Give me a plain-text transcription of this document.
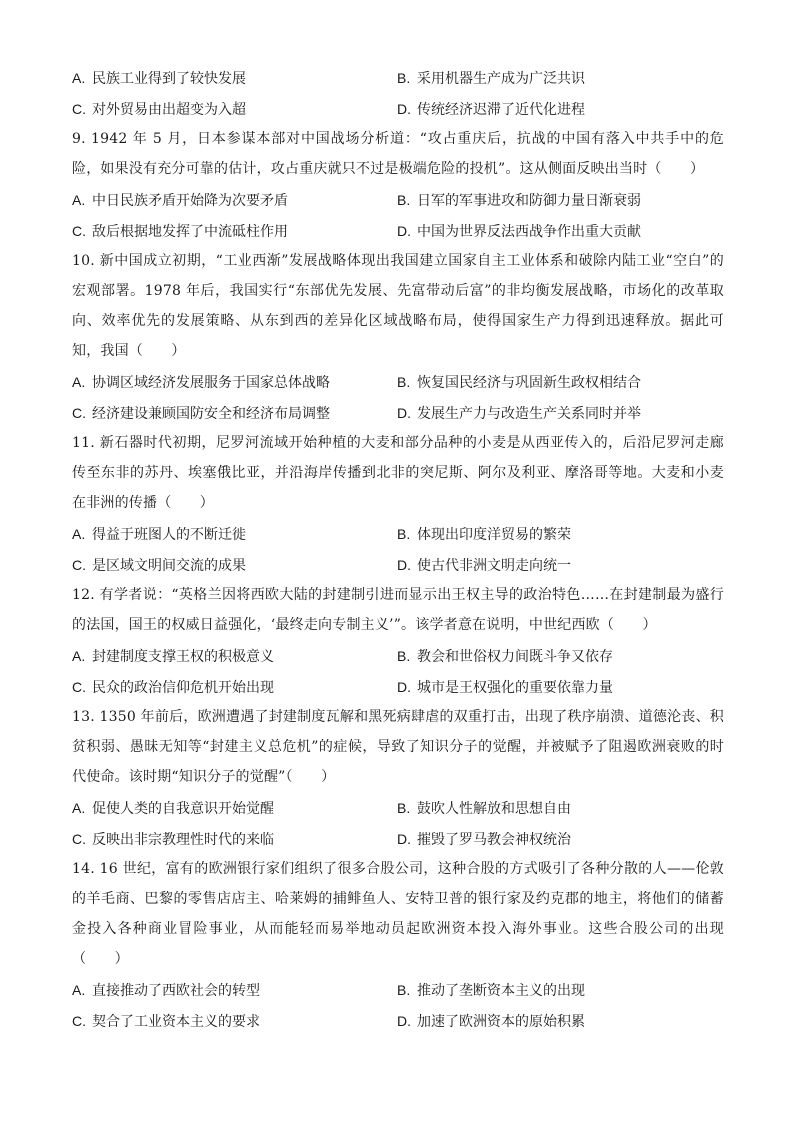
A. 民族工业得到了较快发展	B. 采用机器生产成为广泛共识
C. 对外贸易由出超变为入超	D. 传统经济迟滞了近代化进程

9. 1942 年 5 月，日本参谋本部对中国战场分析道：“攻占重庆后，抗战的中国有落入中共手中的危险，如果没有充分可靠的估计，攻占重庆就只不过是极端危险的投机”。这从侧面反映出当时（　　）

A. 中日民族矛盾开始降为次要矛盾	B. 日军的军事进攻和防御力量日渐衰弱
C. 敌后根据地发挥了中流砥柱作用	D. 中国为世界反法西战争作出重大贡献

10. 新中国成立初期，“工业西渐”发展战略体现出我国建立国家自主工业体系和破除内陆工业“空白”的宏观部署。1978 年后，我国实行“东部优先发展、先富带动后富”的非均衡发展战略，市场化的改革取向、效率优先的发展策略、从东到西的差异化区域战略布局，使得国家生产力得到迅速释放。据此可知，我国（　　）

A. 协调区域经济发展服务于国家总体战略	B. 恢复国民经济与巩固新生政权相结合
C. 经济建设兼顾国防安全和经济布局调整	D. 发展生产力与改造生产关系同时并举

11. 新石器时代初期，尼罗河流域开始种植的大麦和部分品种的小麦是从西亚传入的，后沿尼罗河走廊传至东非的苏丹、埃塞俄比亚，并沿海岸传播到北非的突尼斯、阿尔及利亚、摩洛哥等地。大麦和小麦在非洲的传播（　　）

A. 得益于班图人的不断迁徙	B. 体现出印度洋贸易的繁荣
C. 是区域文明间交流的成果	D. 使古代非洲文明走向统一

12. 有学者说：“英格兰因将西欧大陆的封建制引进而显示出王权主导的政治特色……在封建制最为盛行的法国，国王的权威日益强化，‘最终走向专制主义’”。该学者意在说明，中世纪西欧（　　）

A. 封建制度支撑王权的积极意义	B. 教会和世俗权力间既斗争又依存
C. 民众的政治信仰危机开始出现	D. 城市是王权强化的重要依靠力量

13. 1350 年前后，欧洲遭遇了封建制度瓦解和黑死病肆虐的双重打击，出现了秩序崩溃、道德沦丧、积贫积弱、愚昧无知等“封建主义总危机”的症候，导致了知识分子的觉醒，并被赋予了阻遏欧洲衰败的时代使命。该时期“知识分子的觉醒”（　　）

A. 促使人类的自我意识开始觉醒	B. 鼓吹人性解放和思想自由
C. 反映出非宗教理性时代的来临	D. 摧毁了罗马教会神权统治

14. 16 世纪，富有的欧洲银行家们组织了很多合股公司，这种合股的方式吸引了各种分散的人——伦敦的羊毛商、巴黎的零售店店主、哈莱姆的捕鲱鱼人、安特卫普的银行家及约克郡的地主，将他们的储蓄金投入各种商业冒险事业，从而能轻而易举地动员起欧洲资本投入海外事业。这些合股公司的出现（　　）

A. 直接推动了西欧社会的转型	B. 推动了垄断资本主义的出现
C. 契合了工业资本主义的要求	D. 加速了欧洲资本的原始积累
